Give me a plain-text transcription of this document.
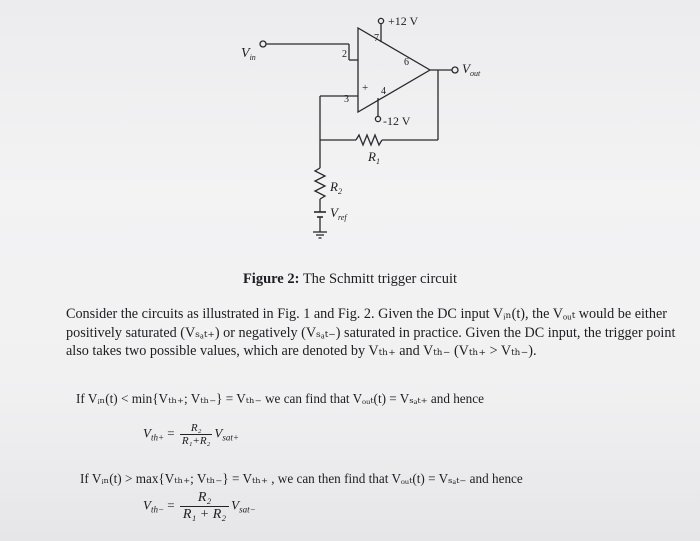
$V_{in}$
+12 V
7
2
6
3
+ 4
-12 V
$V_{out}$
$R_1$
$R_2$
$V_{ref}$
Figure 2: The Schmitt trigger circuit
Consider the circuits as illustrated in Fig. 1 and Fig. 2. Given the DC input Vᵢₙ(t), the Vₒᵤₜ would be either
positively saturated (Vₛₐₜ₊) or negatively (Vₛₐₜ₋) saturated in practice. Given the DC input, the trigger point
also takes two possible values, which are denoted by Vₜₕ₊ and Vₜₕ₋ (Vₜₕ₊ > Vₜₕ₋).
If Vᵢₙ(t) < min{Vₜₕ₊; Vₜₕ₋} = Vₜₕ₋ we can find that Vₒᵤₜ(t) = Vₛₐₜ₊ and hence
$V_{th+} = \frac{\text{R₂}}{\text{R₁+R₂}} V_{sat+}$
If Vᵢₙ(t) > max{Vₜₕ₊; Vₜₕ₋} = Vₜₕ₊ , we can then find that Vₒᵤₜ(t) = Vₛₐₜ₋ and hence
$V_{th-} = \frac{\text{R₂}}{\text{R₁ + R₂}} V_{sat-}$
